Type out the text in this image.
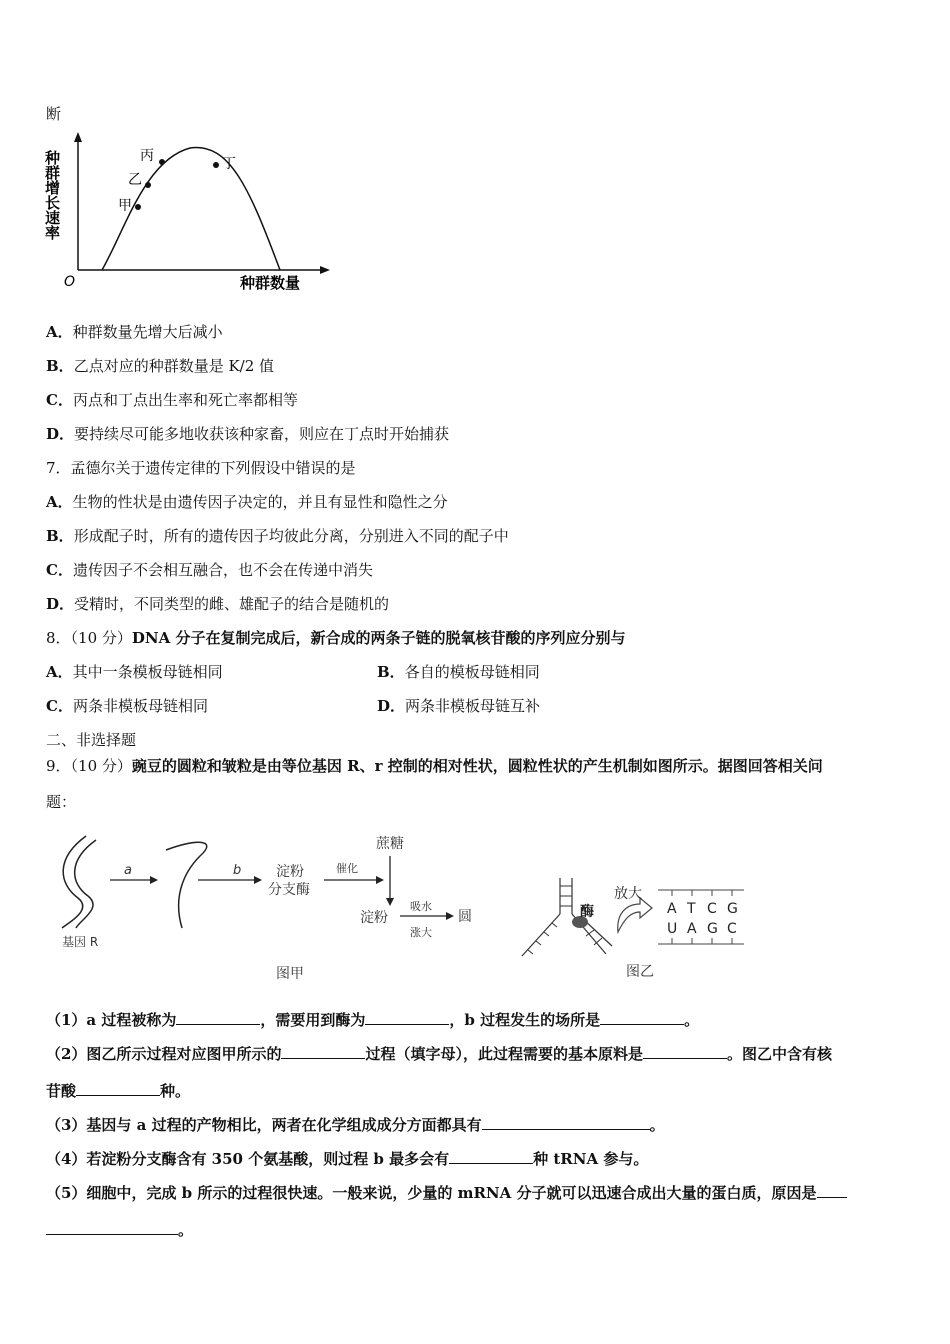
断
甲
乙
丙	丁
O	种群数量
种群增长速率
A．种群数量先增大后减小
B．乙点对应的种群数量是 K/2 值
C．丙点和丁点出生率和死亡率都相等
D．要持续尽可能多地收获该种家畜，则应在丁点时开始捕获
7．孟德尔关于遗传定律的下列假设中错误的是
A．生物的性状是由遗传因子决定的，并且有显性和隐性之分
B．形成配子时，所有的遗传因子均彼此分离，分别进入不同的配子中
C．遗传因子不会相互融合，也不会在传递中消失
D．受精时，不同类型的雌、雄配子的结合是随机的
8．（10 分）DNA 分子在复制完成后，新合成的两条子链的脱氧核苷酸的序列应分别与
A．其中一条模板母链相同	B．各自的模板母链相同
C．两条非模板母链相同	D．两条非模板母链互补
二、非选择题
9．（10 分）豌豆的圆粒和皱粒是由等位基因 R、r 控制的相对性状，圆粒性状的产生机制如图所示。据图回答相关问
题：
基因 R
a	b 淀粉
分支酶
催化
蔗糖
淀粉
吸水
涨大
圆
图甲
酶
放大
A T C G
U A G C
图乙
（1）a 过程被称为	，需要用到酶为	，b 过程发生的场所是	。
（2）图乙所示过程对应图甲所示的	过程（填字母），此过程需要的基本原料是	。图乙中含有核
苷酸	种。
（3）基因与 a 过程的产物相比，两者在化学组成成分方面都具有	。
（4）若淀粉分支酶含有 350 个氨基酸，则过程 b 最多会有	种 tRNA 参与。
（5）细胞中，完成 b 所示的过程很快速。一般来说，少量的 mRNA 分子就可以迅速合成出大量的蛋白质，原因是
。
